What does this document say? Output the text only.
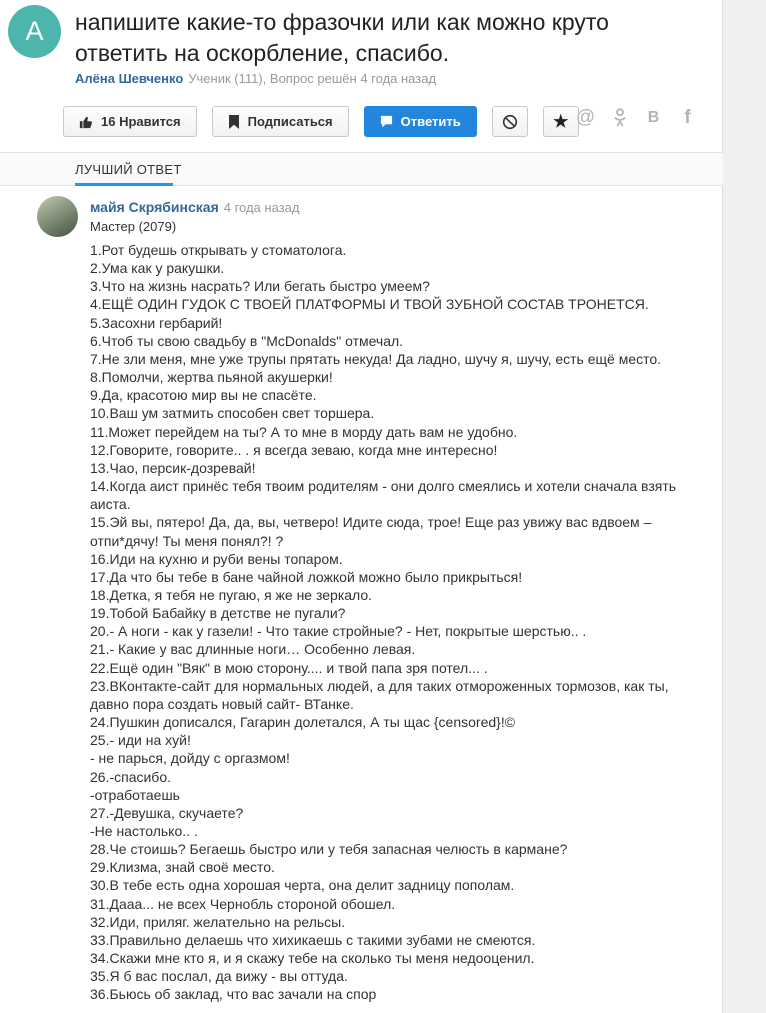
А	напишите какие-то фразочки или как можно круто
ответить на оскорбление, спасибо.
Алёна Шевченко Ученик (111), Вопрос решён 4 года назад
16 Нравится	Подписаться	Ответить	★ @	В	f
ЛУЧШИЙ ОТВЕТ
майя Скрябинская 4 года назад
Мастер (2079)
1.Рот будешь открывать у стоматолога.
2.Ума как у ракушки.
3.Что на жизнь насрать? Или бегать быстро умеем?
4.ЕЩЁ ОДИН ГУДОК С ТВОЕЙ ПЛАТФОРМЫ И ТВОЙ ЗУБНОЙ СОСТАВ ТРОНЕТСЯ.
5.Засохни гербарий!
6.Чтоб ты свою свадьбу в "McDonalds" отмечал.
7.Не зли меня, мне уже трупы прятать некуда! Да ладно, шучу я, шучу, есть ещё место.
8.Помолчи, жертва пьяной акушерки!
9.Да, красотою мир вы не спасёте.
10.Ваш ум затмить способен свет торшера.
11.Может перейдем на ты? А то мне в морду дать вам не удобно.
12.Говорите, говорите.. . я всегда зеваю, когда мне интересно!
13.Чао, персик-дозревай!
14.Когда аист принёс тебя твоим родителям - они долго смеялись и хотели сначала взять
аиста.
15.Эй вы, пятеро! Да, да, вы, четверо! Идите сюда, трое! Еще раз увижу вас вдвоем –
отпи*дячу! Ты меня понял?! ?
16.Иди на кухню и руби вены топаром.
17.Да что бы тебе в бане чайной ложкой можно было прикрыться!
18.Детка, я тебя не пугаю, я же не зеркало.
19.Тобой Бабайку в детстве не пугали?
20.- А ноги - как у газели! - Что такие стройные? - Нет, покрытые шерстью.. .
21.- Какие у вас длинные ноги… Особенно левая.
22.Ещё один "Вяк" в мою сторону.... и твой папа зря потел... .
23.ВКонтакте-сайт для нормальных людей, а для таких отмороженных тормозов, как ты,
давно пора создать новый сайт- ВТанке.
24.Пушкин дописался, Гагарин долетался, А ты щас {censored}!©
25.- иди на хуй!
- не парься, дойду с оргазмом!
26.-спасибо.
-отработаешь
27.-Девушка, скучаете?
-Не настолько.. .
28.Че стоишь? Бегаешь быстро или у тебя запасная челюсть в кармане?
29.Клизма, знай своё место.
30.В тебе есть одна хорошая черта, она делит задницу пополам.
31.Дааа... не всех Чернобль стороной обошел.
32.Иди, приляг. желательно на рельсы.
33.Правильно делаешь что хихикаешь с такими зубами не смеются.
34.Скажи мне кто я, и я скажу тебе на сколько ты меня недооценил.
35.Я б вас послал, да вижу - вы оттуда.
36.Бьюсь об заклад, что вас зачали на спор
